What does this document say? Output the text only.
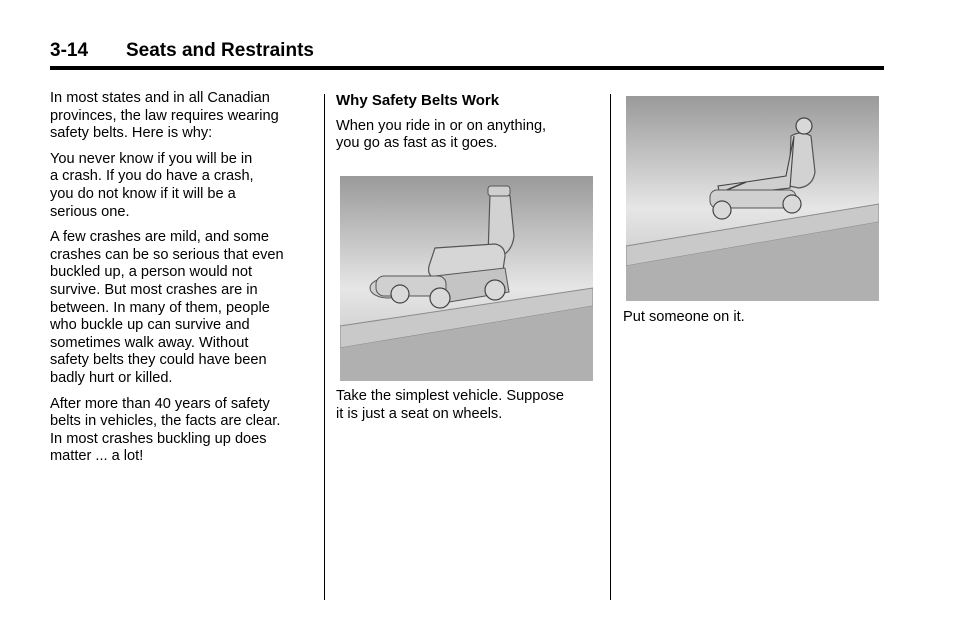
3-14 Seats and Restraints

In most states and in all Canadian
provinces, the law requires wearing
safety belts. Here is why:

You never know if you will be in
a crash. If you do have a crash,
you do not know if it will be a
serious one.

A few crashes are mild, and some
crashes can be so serious that even
buckled up, a person would not
survive. But most crashes are in
between. In many of them, people
who buckle up can survive and
sometimes walk away. Without
safety belts they could have been
badly hurt or killed.

After more than 40 years of safety
belts in vehicles, the facts are clear.
In most crashes buckling up does
matter ... a lot!

Why Safety Belts Work

When you ride in or on anything,
you go as fast as it goes.

Take the simplest vehicle. Suppose
it is just a seat on wheels.
Put someone on it.
